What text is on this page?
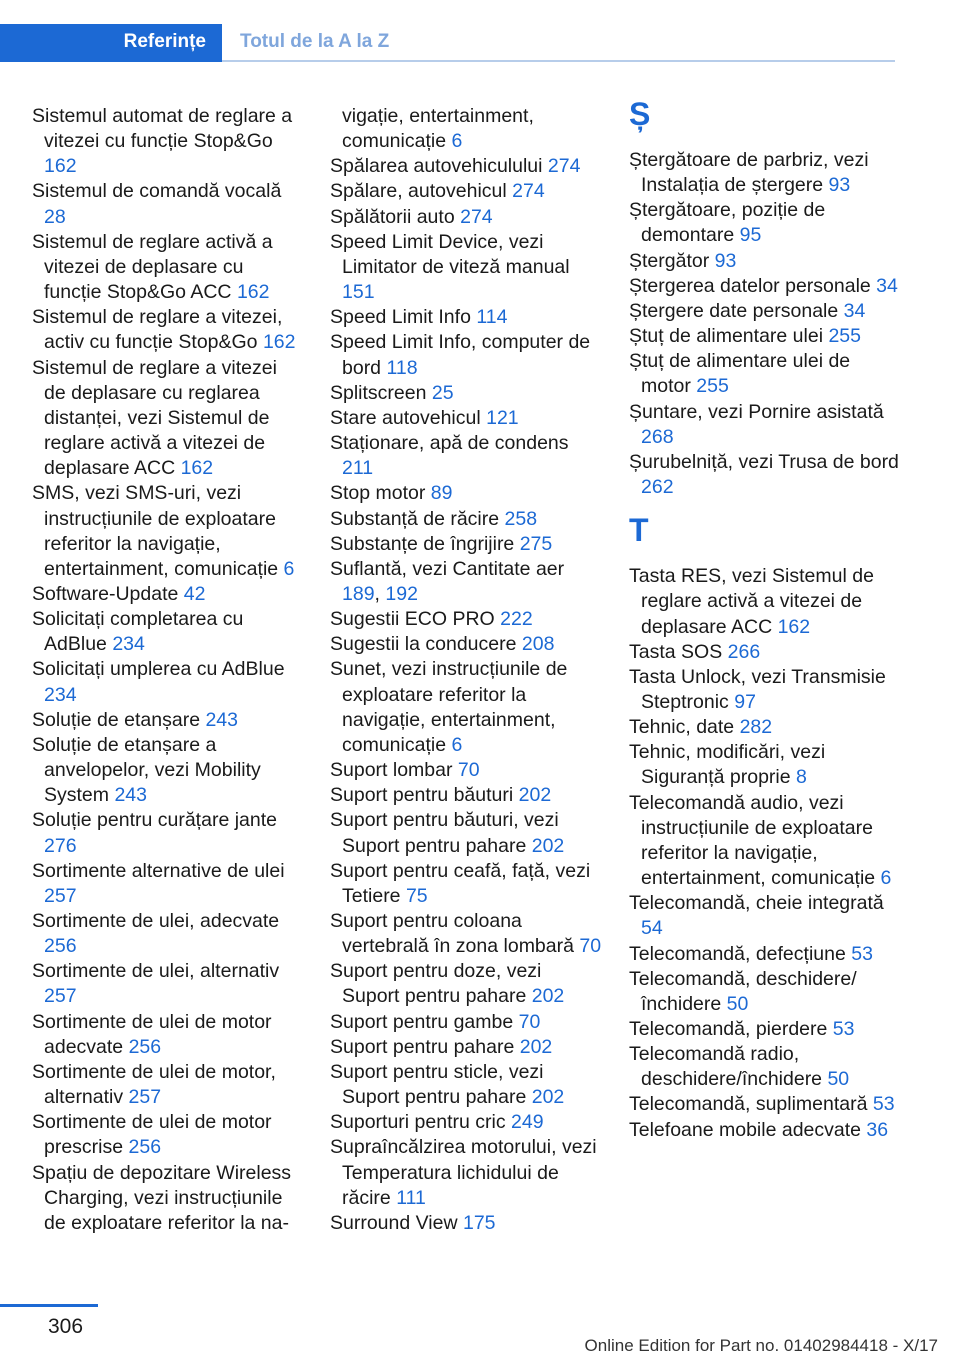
Referințe Totul de la A la Z

Sistemul automat de reglare a vitezei cu funcție Stop&Go 162

Sistemul de comandă vocală 28

Sistemul de reglare activă a vitezei de deplasare cu funcție Stop&Go ACC 162

Sistemul de reglare a vitezei, activ cu funcție Stop&Go 162

Sistemul de reglare a vitezei de deplasare cu reglarea distanței, vezi Sistemul de reglare activă a vitezei de deplasare ACC 162

SMS, vezi SMS-uri, vezi instrucțiunile de exploatare referitor la navigație, entertainment, comunicație 6

Software-Update 42

Solicitați completarea cu AdBlue 234

Solicitați umplerea cu AdBlue 234

Soluție de etanșare 243

Soluție de etanșare a anvelopelor, vezi Mobility System 243

Soluție pentru curățare jante 276

Sortimente alternative de ulei 257

Sortimente de ulei, adecvate 256

Sortimente de ulei, alternativ 257

Sortimente de ulei de motor adecvate 256

Sortimente de ulei de motor, alternativ 257

Sortimente de ulei de motor prescrise 256

Spațiu de depozitare Wireless Charging, vezi instrucțiunile de exploatare referitor la na-

vigație, entertainment, comunicație 6

Spălarea autovehiculului 274

Spălare, autovehicul 274

Spălătorii auto 274

Speed Limit Device, vezi Limitator de viteză manual 151

Speed Limit Info 114

Speed Limit Info, computer de bord 118

Splitscreen 25

Stare autovehicul 121

Staționare, apă de condens 211

Stop motor 89

Substanță de răcire 258

Substanțe de îngrijire 275

Suflantă, vezi Cantitate aer 189, 192

Sugestii ECO PRO 222

Sugestii la conducere 208

Sunet, vezi instrucțiunile de exploatare referitor la navigație, entertainment, comunicație 6

Suport lombar 70

Suport pentru băuturi 202

Suport pentru băuturi, vezi Suport pentru pahare 202

Suport pentru ceafă, față, vezi Tetiere 75

Suport pentru coloana vertebrală în zona lombară 70

Suport pentru doze, vezi Suport pentru pahare 202

Suport pentru gambe 70

Suport pentru pahare 202

Suport pentru sticle, vezi Suport pentru pahare 202

Suporturi pentru cric 249

Supraîncălzirea motorului, vezi Temperatura lichidului de răcire 111

Surround View 175

Ș

Ștergătoare de parbriz, vezi Instalația de ștergere 93

Ștergătoare, poziție de demontare 95

Ștergător 93

Ștergerea datelor personale 34

Ștergere date personale 34

Ștuț de alimentare ulei 255

Ștuț de alimentare ulei de motor 255

Șuntare, vezi Pornire asistată 268

Șurubelniță, vezi Trusa de bord 262

T

Tasta RES, vezi Sistemul de reglare activă a vitezei de deplasare ACC 162

Tasta SOS 266

Tasta Unlock, vezi Transmisie Steptronic 97

Tehnic, date 282

Tehnic, modificări, vezi Siguranță proprie 8

Telecomandă audio, vezi instrucțiunile de exploatare referitor la navigație, entertainment, comunicație 6

Telecomandă, cheie integrată 54

Telecomandă, defecțiune 53

Telecomandă, deschidere/închidere 50

Telecomandă, pierdere 53

Telecomandă radio, deschidere/închidere 50

Telecomandă, suplimentară 53

Telefoane mobile adecvate 36

306
Online Edition for Part no. 01402984418 - X/17
